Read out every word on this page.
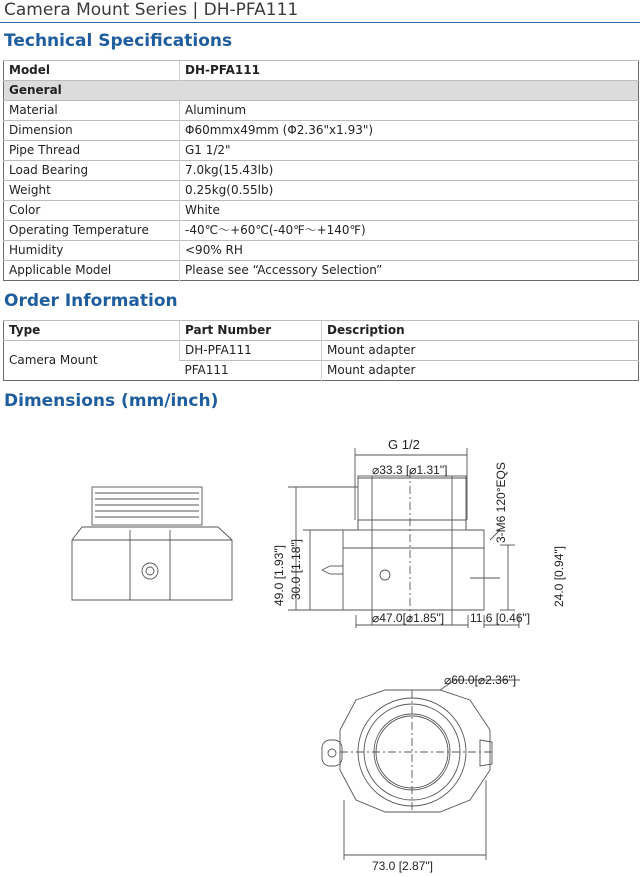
Camera Mount Series | DH-PFA111
Technical Specifications
Model	DH-PFA111
General	
Material	Aluminum
Dimension	Φ60mmx49mm (Φ2.36"x1.93")
Pipe Thread	G1 1/2"
Load Bearing	7.0kg(15.43lb)
Weight	0.25kg(0.55lb)
Color	White
Operating Temperature	-40℃～+60℃(-40℉～+140℉)
Humidity	<90% RH
Applicable Model	Please see “Accessory Selection”
Order Information
Type	Part Number	Description
Camera Mount	DH-PFA111	Mount adapter
	PFA111	Mount adapter
Dimensions (mm/inch)
G 1/2
⌀33.3 [⌀1.31"]	3-M6 120°EQS
49.0 [1.93"] 30.0 [1.18"]	24.0 [0.94"]
⌀47.0[⌀1.85"] 11.6 [0.46"]
⌀60.0[⌀2.36"]
73.0 [2.87"]
